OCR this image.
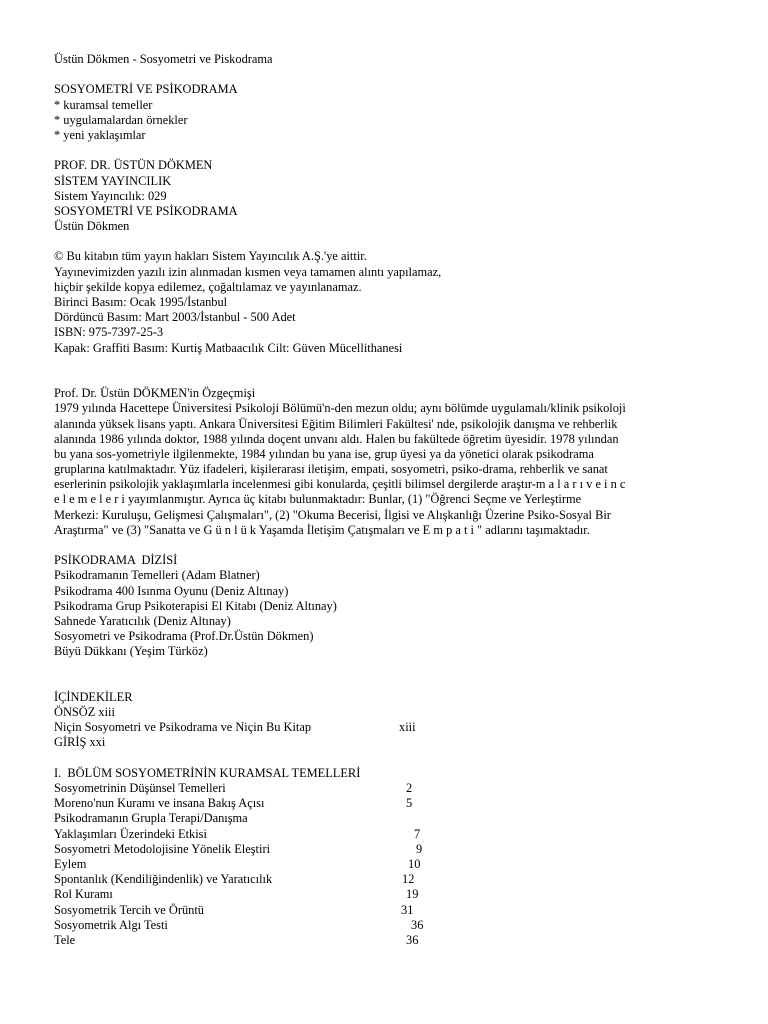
Üstün Dökmen - Sosyometri ve Piskodrama
SOSYOMETRİ VE PSİKODRAMA
* kuramsal temeller
* uygulamalardan örnekler
* yeni yaklaşımlar
PROF. DR. ÜSTÜN DÖKMEN
SİSTEM YAYINCILIK
Sistem Yayıncılık: 029
SOSYOMETRİ VE PSİKODRAMA
Üstün Dökmen
© Bu kitabın tüm yayın hakları Sistem Yayıncılık A.Ş.'ye aittir.
Yayınevimizden yazılı izin alınmadan kısmen veya tamamen alıntı yapılamaz,
hiçbir şekilde kopya edilemez, çoğaltılamaz ve yayınlanamaz.
Birinci Basım: Ocak 1995/İstanbul
Dördüncü Basım: Mart 2003/İstanbul - 500 Adet
ISBN: 975-7397-25-3
Kapak: Graffiti Basım: Kurtiş Matbaacılık Cilt: Güven Mücellithanesi
Prof. Dr. Üstün DÖKMEN'in Özgeçmişi
1979 yılında Hacettepe Üniversitesi Psikoloji Bölümü'n-den mezun oldu; aynı bölümde uygulamalı/klinik psikoloji
alanında yüksek lisans yaptı. Ankara Üniversitesi Eğitim Bilimleri Fakültesi' nde, psikolojik danışma ve rehberlik
alanında 1986 yılında doktor, 1988 yılında doçent unvanı aldı. Halen bu fakültede öğretim üyesidir. 1978 yılından
bu yana sos-yometriyle ilgilenmekte, 1984 yılından bu yana ise, grup üyesi ya da yönetici olarak psikodrama
gruplarına katılmaktadır. Yüz ifadeleri, kişilerarası iletişim, empati, sosyometri, psiko-drama, rehberlik ve sanat
eserlerinin psikolojik yaklaşımlarla incelenmesi gibi konularda, çeşitli bilimsel dergilerde araştır-m a l a r ı v e i n c
e l e m e l e r i yayımlanmıştır. Ayrıca üç kitabı bulunmaktadır: Bunlar, (1) "Öğrenci Seçme ve Yerleştirme
Merkezi: Kuruluşu, Gelişmesi Çalışmaları", (2) "Okuma Becerisi, İlgisi ve Alışkanlığı Üzerine Psiko-Sosyal Bir
Araştırma" ve (3) "Sanatta ve G ü n l ü k Yaşamda İletişim Çatışmaları ve E m p a t i " adlarını taşımaktadır.
PSİKODRAMA  DİZİSİ
Psikodramanın Temelleri (Adam Blatner)
Psikodrama 400 Isınma Oyunu (Deniz Altınay)
Psikodrama Grup Psikoterapisi El Kitabı (Deniz Altınay)
Sahnede Yaratıcılık (Deniz Altınay)
Sosyometri ve Psikodrama (Prof.Dr.Üstün Dökmen)
Büyü Dükkanı (Yeşim Türköz)
İÇİNDEKİLER
ÖNSÖZ xiii
Niçin Sosyometri ve Psikodrama ve Niçin Bu Kitap	xiii
GİRİŞ xxi
I.  BÖLÜM SOSYOMETRİNİN KURAMSAL TEMELLERİ
Sosyometrinin Düşünsel Temelleri	2
Moreno'nun Kuramı ve insana Bakış Açısı	5
Psikodramanın Grupla Terapi/Danışma
Yaklaşımları Üzerindeki Etkisi	7
Sosyometri Metodolojisine Yönelik Eleştiri	9
Eylem	10
Spontanlık (Kendiliğindenlik) ve Yaratıcılık	12
Rol Kuramı	19
Sosyometrik Tercih ve Örüntü	31
Sosyometrik Algı Testi	36
Tele	36
